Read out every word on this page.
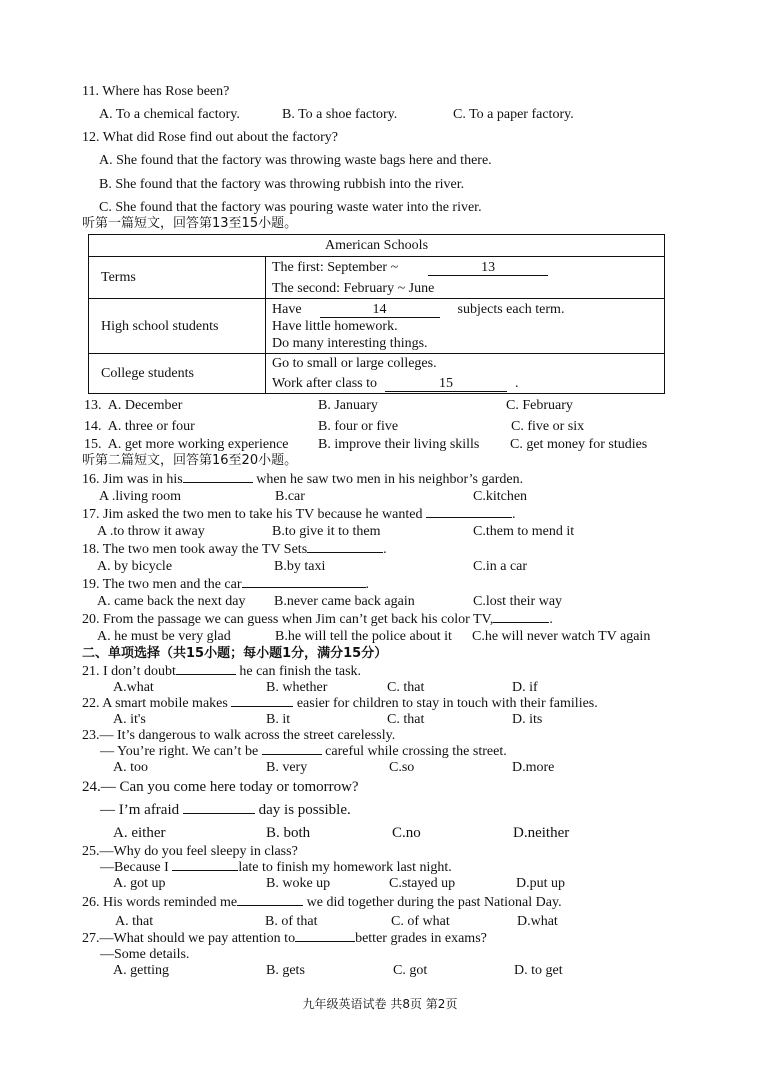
11. Where has Rose been?
A. To a chemical factory.	B. To a shoe factory.	C. To a paper factory.
12. What did Rose find out about the factory?
A. She found that the factory was throwing waste bags here and there.
B. She found that the factory was throwing rubbish into the river.
C. She found that the factory was pouring waste water into the river.
听第一篇短文，回答第13至15小题。
American Schools	
Terms	The first: September ~ 13
The second: February ~ June

High school students	Have 14 subjects each term.
Have little homework.
Do many interesting things.

College students	Go to small or large colleges.
Work after class to 15 .
13.  A. December	B. January	C. February
14.  A. three or four	B. four or five	C. five or six
15.  A. get more working experience B. improve their living skills C. get money for studies
听第二篇短文，回答第16至20小题。
16. Jim was in his	when he saw two men in his neighbor’s garden.
A .living room	B.car	C.kitchen
17. Jim asked the two men to take his TV because he wanted	.
A .to throw it away	B.to give it to them	C.them to mend it
18. The two men took away the TV Sets	.
A. by bicycle	B.by taxi	C.in a car
19. The two men and the car	.
A. came back the next day B.never came back again	C.lost their way
20. From the passage we can guess when Jim can’t get back his color TV,	.
A. he must be very glad	B.he will tell the police about it C.he will never watch TV again
二、单项选择（共15小题；每小题1分，满分15分）
21. I don’t doubt	he can finish the task.
A.what	B. whether	C. that	D. if
22. A smart mobile makes	easier for children to stay in touch with their families.
A. it's	B. it	C. that	D. its
23.— It’s dangerous to walk across the street carelessly.
— You’re right. We can’t be	careful while crossing the street.
A. too	B. very	C.so	D.more
24.— Can you come here today or tomorrow?
— I’m afraid	day is possible.
A. either	B. both	C.no	D.neither
25.—Why do you feel sleepy in class?
—Because I	late to finish my homework last night.
A. got up	B. woke up	C.stayed up	D.put up
26. His words reminded me	we did together during the past National Day.
A. that	B. of that	C. of what	D.what
27.—What should we pay attention to	better grades in exams?
—Some details.
A. getting	B. gets	C. got	D. to get
九年级英语试卷 共8页 第2页
